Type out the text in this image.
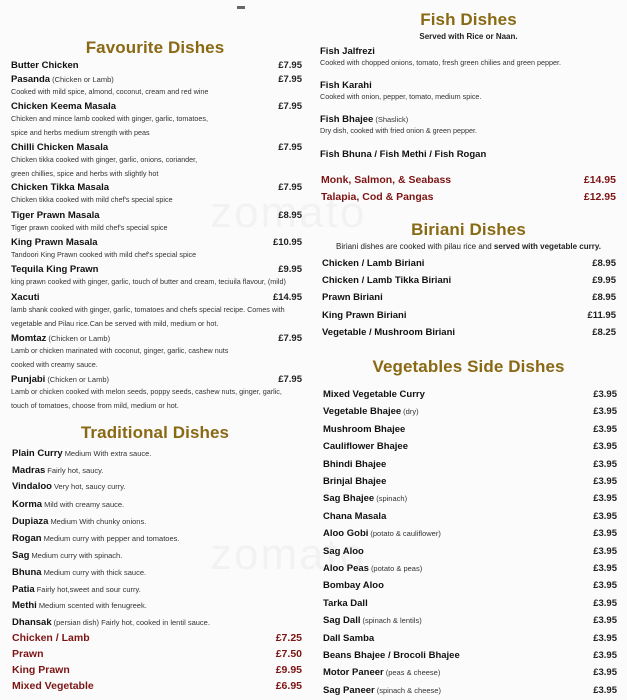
Favourite Dishes
Butter Chicken	£7.95
Pasanda (Chicken or Lamb)	£7.95
Cooked with mild spice, almond, coconut, cream and red wine
Chicken Keema Masala	£7.95
Chicken and mince lamb cooked with ginger, garlic, tomatoes,
spice and herbs medium strength with peas
Chilli Chicken Masala	£7.95
Chicken tikka cooked with ginger, garlic, onions, coriander,
green chillies, spice and herbs with slightly hot
Chicken Tikka Masala	£7.95
Chicken tikka cooked with mild chef's special spice
Tiger Prawn Masala	£8.95
Tiger prawn cooked with mild chef's special spice
King Prawn Masala	£10.95
Tandoori King Prawn cooked with mild chef's special spice
Tequila King Prawn	£9.95
king prawn cooked with ginger, garlic, touch of butter and cream, teciuila flavour, (mild)
Xacuti	£14.95
lamb shank cooked with ginger, garlic, tomatoes and chefs special recipe. Comes with
vegetable and Pilau rice.Can be served with mild, medium or hot.
Momtaz (Chicken or Lamb)	£7.95
Lamb or chicken marinated with coconut, ginger, garlic, cashew nuts
cooked with creamy sauce.
Punjabi (Chicken or Lamb)	£7.95
Lamb or chicken cooked with melon seeds, poppy seeds, cashew nuts, ginger, garlic,
touch of tomatoes, choose from mild, medium or hot.
Traditional Dishes
Plain Curry Medium With extra sauce.
Madras Fairly hot, saucy.
Vindaloo Very hot, saucy curry.
Korma Mild with creamy sauce.
Dupiaza Medium With chunky onions.
Rogan Medium curry with pepper and tomatoes.
Sag Medium curry with spinach.
Bhuna Medium curry with thick sauce.
Patia Fairly hot,sweet and sour curry.
Methi Medium scented with fenugreek.
Dhansak (persian dish) Fairly hot, cooked in lentil sauce.
Chicken / Lamb	£7.25
Prawn	£7.50
King Prawn	£9.95
Mixed Vegetable	£6.95
Fish Dishes
Served with Rice or Naan.
Fish Jalfrezi
Cooked with chopped onions, tomato, fresh green chilies and green pepper.
Fish Karahi
Cooked with onion, pepper, tomato, medium spice.
Fish Bhajee (Shaslick)
Dry dish, cooked with fried onion & green pepper.
Fish Bhuna / Fish Methi / Fish Rogan
Monk, Salmon, & Seabass	£14.95
Talapia, Cod & Pangas	£12.95
Biriani Dishes
Biriani dishes are cooked with pilau rice and served with vegetable curry.
Chicken / Lamb Biriani	£8.95
Chicken / Lamb Tikka Biriani	£9.95
Prawn Biriani	£8.95
King Prawn Biriani	£11.95
Vegetable / Mushroom Biriani	£8.25
Vegetables Side Dishes
Mixed Vegetable Curry	£3.95
Vegetable Bhajee (dry)	£3.95
Mushroom Bhajee	£3.95
Cauliflower Bhajee	£3.95
Bhindi Bhajee	£3.95
Brinjal Bhajee	£3.95
Sag Bhajee (spinach)	£3.95
Chana Masala	£3.95
Aloo Gobi (potato & cauliflower)	£3.95
Sag Aloo	£3.95
Aloo Peas (potato & peas)	£3.95
Bombay Aloo	£3.95
Tarka Dall	£3.95
Sag Dall (spinach & lentils)	£3.95
Dall Samba	£3.95
Beans Bhajee / Brocoli Bhajee	£3.95
Motor Paneer (peas & cheese)	£3.95
Sag Paneer (spinach & cheese)	£3.95
